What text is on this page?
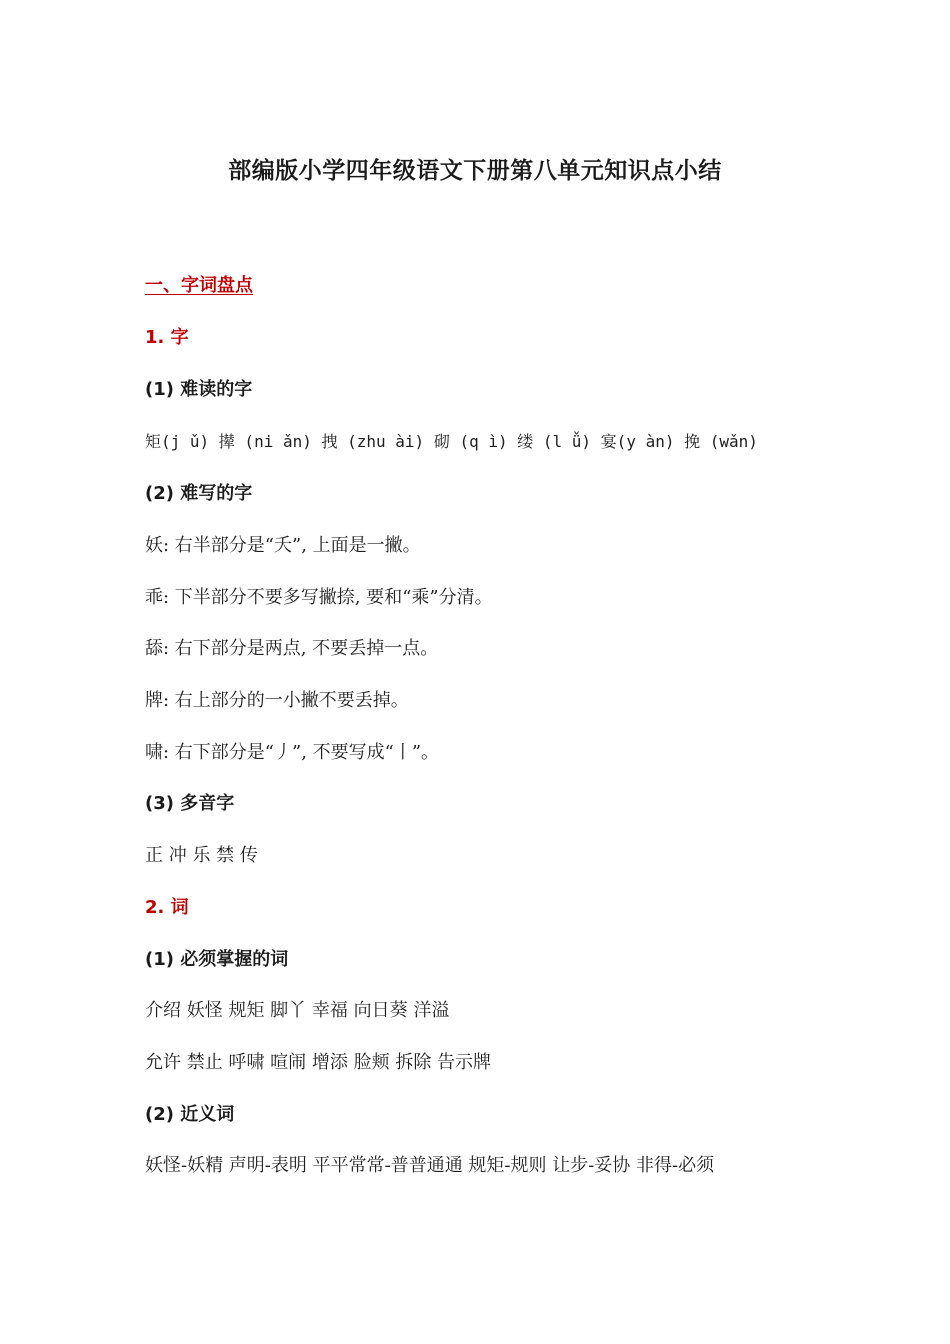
部编版小学四年级语文下册第八单元知识点小结
一、字词盘点
1. 字
(1) 难读的字
矩(j ǔ) 撵 (ni ǎn) 拽 (zhu ài) 砌 (q ì) 缕 (l ǚ) 宴(y àn) 挽 (wǎn)
(2) 难写的字
妖: 右半部分是“夭”, 上面是一撇。
乖: 下半部分不要多写撇捺, 要和“乘”分清。
舔: 右下部分是两点, 不要丢掉一点。
牌: 右上部分的一小撇不要丢掉。
啸: 右下部分是“丿”, 不要写成“丨”。
(3) 多音字
正 冲 乐 禁 传
2. 词
(1) 必须掌握的词
介绍 妖怪 规矩 脚丫 幸福 向日葵 洋溢
允许 禁止 呼啸 喧闹 增添 脸颊 拆除 告示牌
(2) 近义词
妖怪-妖精 声明-表明 平平常常-普普通通 规矩-规则 让步-妥协 非得-必须
